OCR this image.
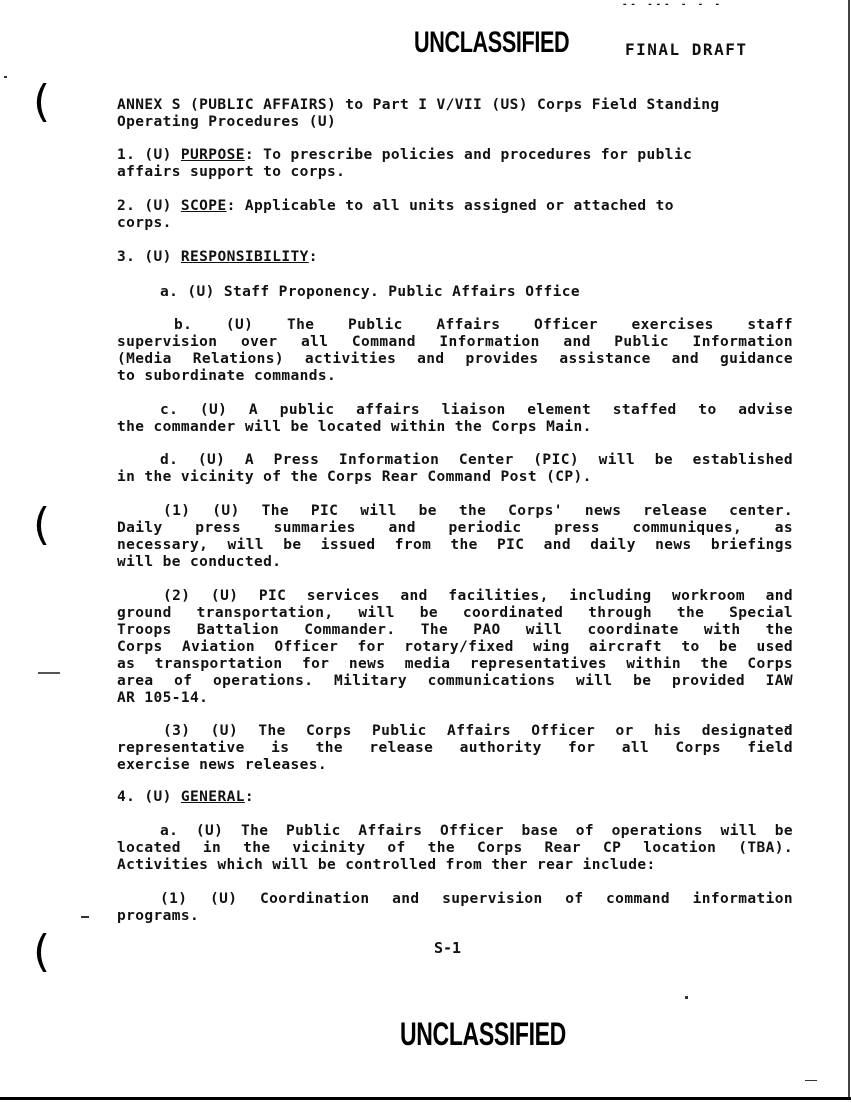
(
(
(
-- --- - - -
UNCLASSIFIED	FINAL DRAFT

ANNEX S (PUBLIC AFFAIRS) to Part I V/VII (US) Corps Field Standing

Operating Procedures (U)

1. (U) PURPOSE: To prescribe policies and procedures for public

affairs support to corps.

2. (U) SCOPE: Applicable to all units assigned or attached to

corps.

3. (U) RESPONSIBILITY:

a. (U) Staff Proponency. Public Affairs Office

b. (U) The Public Affairs Officer exercises staff

supervision over all Command Information and Public Information

(Media Relations) activities and provides assistance and guidance

to subordinate commands.

c. (U) A public affairs liaison element staffed to advise

the commander will be located within the Corps Main.

d. (U) A Press Information Center (PIC) will be established

in the vicinity of the Corps Rear Command Post (CP).

(1) (U) The PIC will be the Corps' news release center.

Daily press summaries and periodic press communiques, as

necessary, will be issued from the PIC and daily news briefings

will be conducted.

(2) (U) PIC services and facilities, including workroom and

ground transportation, will be coordinated through the Special

Troops Battalion Commander. The PAO will coordinate with the

Corps Aviation Officer for rotary/fixed wing aircraft to be used

as transportation for news media representatives within the Corps

area of operations. Military communications will be provided IAW

AR 105-14.

(3) (U) The Corps Public Affairs Officer or his designated

representative is the release authority for all Corps field

exercise news releases.

4. (U) GENERAL:

a. (U) The Public Affairs Officer base of operations will be

located in the vicinity of the Corps Rear CP location (TBA).

Activities which will be controlled from ther rear include:

(1) (U) Coordination and supervision of command information

programs.

S-1
UNCLASSIFIED
